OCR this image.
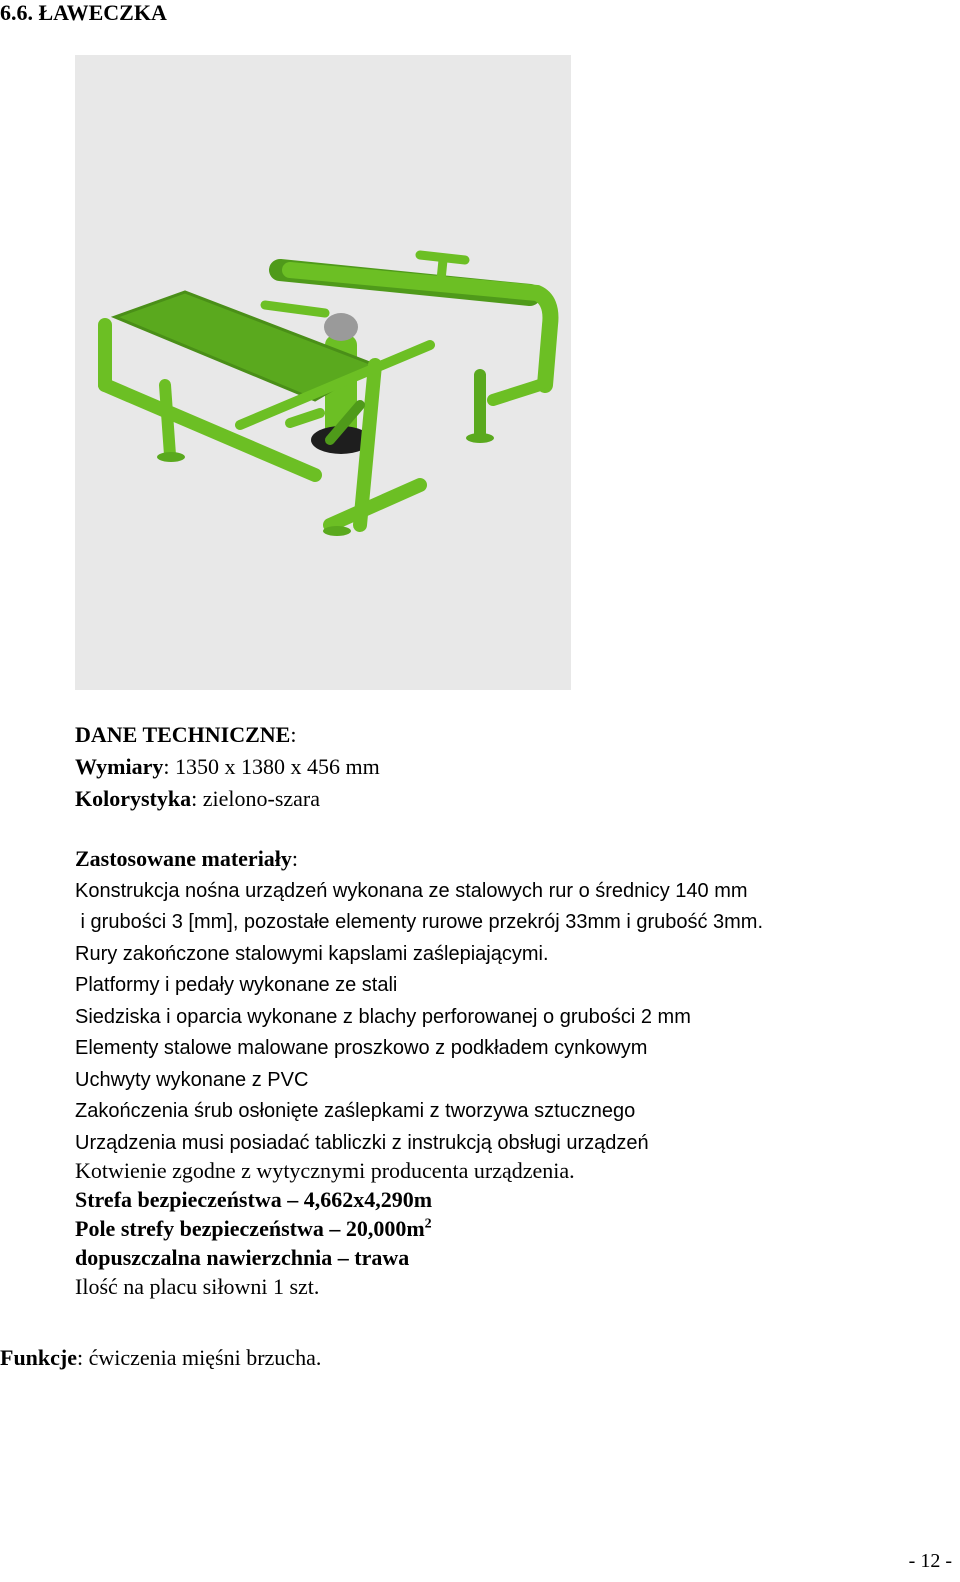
6.6. ŁAWECZKA
DANE TECHNICZNE:
Wymiary: 1350 x 1380 x 456 mm
Kolorystyka: zielono-szara
Zastosowane materiały:
Konstrukcja nośna urządzeń wykonana ze stalowych rur o średnicy 140 mm
i grubości 3 [mm], pozostałe elementy rurowe przekrój 33mm i grubość 3mm.
Rury zakończone stalowymi kapslami zaślepiającymi.
Platformy i pedały wykonane ze stali
Siedziska i oparcia wykonane z blachy perforowanej o grubości 2 mm
Elementy stalowe malowane proszkowo z podkładem cynkowym
Uchwyty wykonane z PVC
Zakończenia śrub osłonięte zaślepkami z tworzywa sztucznego
Urządzenia musi posiadać tabliczki z instrukcją obsługi urządzeń
Kotwienie zgodne z wytycznymi producenta urządzenia.
Strefa bezpieczeństwa – 4,662x4,290m
Pole strefy bezpieczeństwa – $20,000m^2$
dopuszczalna nawierzchnia – trawa
Ilość na placu siłowni 1 szt.
Funkcje: ćwiczenia mięśni brzucha.
- 12 -
